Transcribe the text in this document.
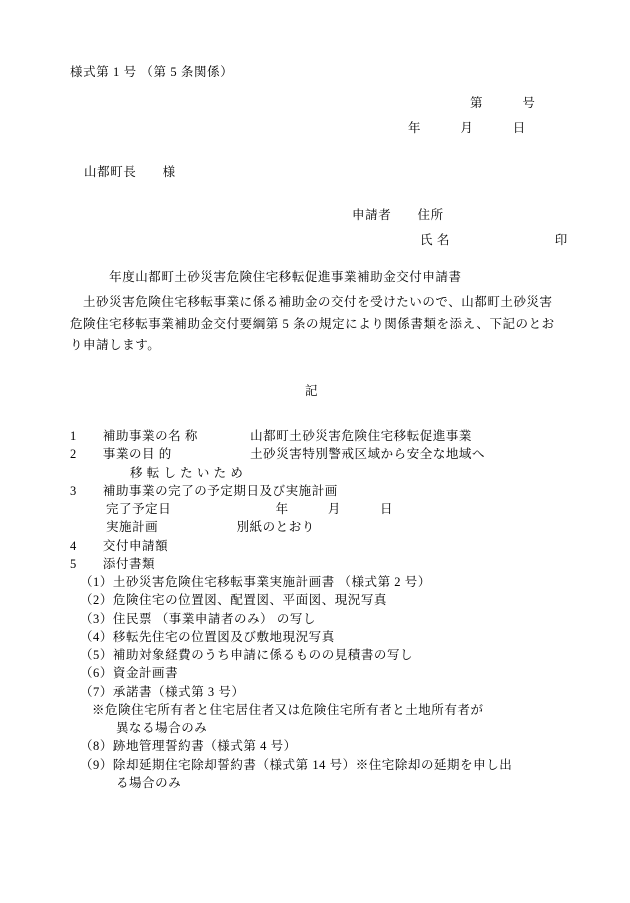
様式第 1 号 （第 5 条関係）
第　　　号
年　　　月　　　日
山都町長　　様
申請者　　住所
氏 名　　　　　　　　印
　　　年度山都町土砂災害危険住宅移転促進事業補助金交付申請書
　土砂災害危険住宅移転事業に係る補助金の交付を受けたいので、山都町土砂災害危険住宅移転事業補助金交付要綱第 5 条の規定により関係書類を添え、下記のとおり申請します。
記
1　　補助事業の名 称　　　　山都町土砂災害危険住宅移転促進事業
2　　事業の目 的　　　　　　土砂災害特別警戒区域から安全な地域へ
移 転 し た い た め
3　　補助事業の完了の予定期日及び実施計画
完了予定日　　　　　　　　年　　　月　　　日
実施計画　　　　　　別紙のとおり
4　　交付申請額
5　　添付書類
（1）土砂災害危険住宅移転事業実施計画書 （様式第 2 号）
（2）危険住宅の位置図、配置図、平面図、現況写真
（3）住民票 （事業申請者のみ） の写し
（4）移転先住宅の位置図及び敷地現況写真
（5）補助対象経費のうち申請に係るものの見積書の写し
（6）資金計画書
（7）承諾書（様式第 3 号）
※危険住宅所有者と住宅居住者又は危険住宅所有者と土地所有者が
異なる場合のみ
（8）跡地管理誓約書（様式第 4 号）
（9）除却延期住宅除却誓約書（様式第 14 号）※住宅除却の延期を申し出
る場合のみ
